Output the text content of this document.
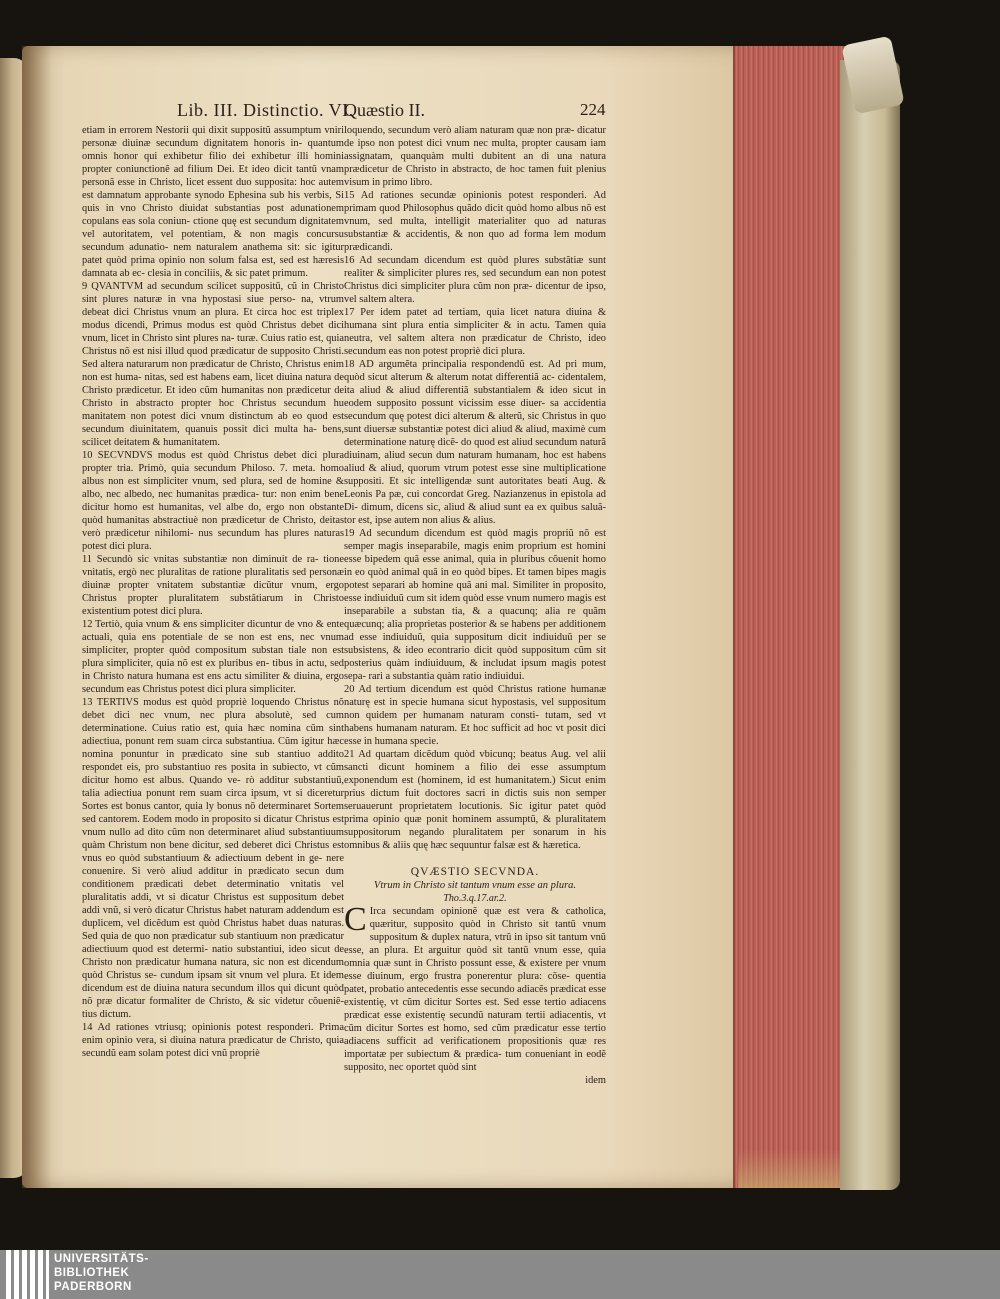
Lib. III. Distinctio. VI.
Quæstio II.	224

etiam in errorem Nestorii qui dixit suppositũ assumptum vniri personæ diuinæ secundum dignitatem honoris in- quantum omnis honor qui exhibetur filio dei exhibetur illi homini propter coniunctionẽ ad filium Dei. Et ideo dicit tantũ vnam personã esse in Christo, licet essent duo supposita: hoc autem est damnatum approbante synodo Ephesina sub his verbis, Si quis in vno Christo diuidat substantias post adunationem copulans eas sola coniun- ctione quę est secundum dignitatem vel autoritatem, vel potentiam, & non magis concursu secundum adunatio- nem naturalem anathema sit: sic igitur patet quòd prima opinio non solum falsa est, sed est hæresis damnata ab ec- clesia in conciliis, & sic patet primum.

9 QVANTVM ad secundum scilicet suppositũ, cũ in Christo sint plures naturæ in vna hypostasi siue perso- na, vtrum debeat dici Christus vnum an plura. Et circa hoc est triplex modus dicendi, Primus modus est quòd Christus debet dici vnum, licet in Christo sint plures na- turæ. Cuius ratio est, quia Christus nõ est nisi illud quod prædicatur de supposito Christi. Sed altera naturarum non prædicatur de Christo, Christus enim non est huma- nitas, sed est habens eam, licet diuina natura de Christo prædicetur. Et ideo cũm humanitas non prædicetur de Christo in abstracto propter hoc Christus secundum hu manitatem non potest dici vnum distinctum ab eo quod est secundum diuinitatem, quanuis possit dici multa ha- bens, scilicet deitatem & humanitatem.

10 SECVNDVS modus est quòd Christus debet dici plura propter tria. Primò, quia secundum Philoso. 7. meta. homo albus non est simpliciter vnum, sed plura, sed de homine & albo, nec albedo, nec humanitas prædica- tur: non enim bene dicitur homo est humanitas, vel albe do, ergo non obstante quòd humanitas abstractiuè non prædicetur de Christo, deitas verò prædicetur nihilomi- nus secundum has plures naturas potest dici plura.

11 Secundò sic vnitas substantiæ non diminuit de ra- tione vnitatis, ergò nec pluralitas de ratione pluralitatis sed personæ diuinæ propter vnitatem substantiæ dicũtur vnum, ergo Christus propter pluralitatem substãtiarum in Christo existentium potest dici plura.

12 Tertiò, quia vnum & ens simpliciter dicuntur de vno & ente actuali, quia ens potentiale de se non est ens, nec vnum simpliciter, propter quòd compositum substan tiale non est plura simpliciter, quia nõ est ex pluribus en- tibus in actu, sed in Christo natura humana est ens actu similiter & diuina, ergo secundum eas Christus potest dici plura simpliciter.

13 TERTIVS modus est quòd propriè loquendo Christus nõ debet dici nec vnum, nec plura absolutè, sed cum determinatione. Cuius ratio est, quia hæc nomina cũm sint adiectiua, ponunt rem suam circa substantiua. Cũm igitur hæc nomina ponuntur in prædicato sine sub stantiuo addito respondet eis, pro substantiuo res posita in subiecto, vt cũm dicitur homo est albus. Quando ve- rò additur substantiuũ, talia adiectiua ponunt rem suam circa ipsum, vt si diceretur Sortes est bonus cantor, quia ly bonus nõ determinaret Sortem sed cantorem. Eodem modo in proposito si dicatur Christus est vnum nullo ad dito cũm non determinaret aliud substantiuum quàm Christum non bene dicitur, sed deberet dici Christus est vnus eo quòd substantiuum & adiectiuum debent in ge- nere conuenire. Si verò aliud additur in prædicato secun dum conditionem prædicati debet determinatio vnitatis vel pluralitatis addi, vt si dicatur Christus est suppositum debet addi vnũ, si verò dicatur Christus habet naturam addendum est duplicem, vel dicẽdum est quòd Christus habet duas naturas. Sed quia de quo non prædicatur sub stantiuum non prædicatur adiectiuum quod est determi- natio substantiui, ideo sicut de Christo non prædicatur humana natura, sic non est dicendum quòd Christus se- cundum ipsam sit vnum vel plura. Et idem dicendum est de diuina natura secundum illos qui dicunt quòd nõ præ dicatur formaliter de Christo, & sic videtur cõueniẽ- tius dictum.

14 Ad rationes vtriusq; opinionis potest responderi. Prima enim opinio vera, si diuina natura prædicatur de Christo, quia secundũ eam solam potest dici vnũ propriè

loquendo, secundum verò aliam naturam quæ non præ- dicatur de ipso non potest dici vnum nec multa, propter causam iam assignatam, quanquàm multi dubitent an di una natura prædicetur de Christo in abstracto, de hoc tamen fuit plenius visum in primo libro.

15 Ad rationes secundæ opinionis potest responderi. Ad primam quod Philosophus quãdo dicit quòd homo albus nõ est vnum, sed multa, intelligit materialiter quo ad naturas substantiæ & accidentis, & non quo ad forma lem modum prædicandi.

16 Ad secundam dicendum est quòd plures substãtiæ sunt realiter & simpliciter plures res, sed secundum ean non potest Christus dici simpliciter plura cũm non præ- dicentur de ipso, vel saltem altera.

17 Per idem patet ad tertiam, quia licet natura diuina & humana sint plura entia simpliciter & in actu. Tamen quia neutra, vel saltem altera non prædicatur de Christo, ideo secundum eas non potest propriè dici plura.

18 AD argumẽta principalia respondendũ est. Ad pri mum, quòd sicut alterum & alterum notat differentiã ac- cidentalem, ita aliud & aliud differentiã substantialem & ideo sicut in eodem supposito possunt vicissim esse diuer- sa accidentia secundum quę potest dici alterum & alterũ, sic Christus in quo sunt diuersæ substantiæ potest dici aliud & aliud, maximè cum determinatione naturę dicẽ- do quod est aliud secundum naturã diuinam, aliud secun dum naturam humanam, hoc est habens aliud & aliud, quorum vtrum potest esse sine multiplicatione suppositi. Et sic intelligendæ sunt autoritates beati Aug. & Leonis Pa pæ, cui concordat Greg. Nazianzenus in epistola ad Di- dimum, dicens sic, aliud & aliud sunt ea ex quibus saluã- tor est, ipse autem non alius & alius.

19 Ad secundum dicendum est quòd magis propriũ nõ est semper magis inseparabile, magis enim proprium est homini esse bipedem quã esse animal, quia in pluribus cõuenit homo in eo quòd animal quã in eo quòd bipes. Et tamen bipes magis potest separari ab homine quã ani mal. Similiter in proposito, esse indiuiduũ cum sit idem quòd esse vnum numero magis est inseparabile a substan tia, & a quacunq; alia re quãm quæcunq; alia proprietas posterior & se habens per additionem ad esse indiuiduũ, quia suppositum dicit indiuiduũ per se subsistens, & ideo econtrario dicit quòd suppositum cũm sit posterius quàm indiuiduum, & includat ipsum magis potest sepa- rari a substantia quàm ratio indiuidui.

20 Ad tertium dicendum est quòd Christus ratione humanæ naturę est in specie humana sicut hypostasis, vel suppositum non quidem per humanam naturam consti- tutam, sed vt habens humanam naturam. Et hoc sufficit ad hoc vt posit dici esse in humana specie.

21 Ad quartam dicẽdum quòd vbicunq; beatus Aug. vel alii sancti dicunt hominem a filio dei esse assumptum exponendum est (hominem, id est humanitatem.) Sicut enim prius dictum fuit doctores sacri in dictis suis non semper seruauerunt proprietatem locutionis. Sic igitur patet quòd prima opinio quæ ponit hominem assumptũ, & pluralitatem suppositorum negando pluralitatem per sonarum in his omnibus & aliis quę hæc sequuntur falsæ est & hæretica.

QVÆSTIO SECVNDA.

Vtrum in Christo sit tantum vnum esse an plura.

Tho.3.q.17.ar.2.

C Irca secundam opinionẽ quæ est vera & catholica, quæritur, supposito quòd in Christo sit tantũ vnum suppositum & duplex natura, vtrũ in ipso sit tantum vnũ esse, an plura. Et arguitur quòd sit tantũ vnum esse, quia omnia quæ sunt in Christo possunt esse, & existere per vnum esse diuinum, ergo frustra ponerentur plura: cõse- quentia patet, probatio antecedentis esse secundo adiacẽs prædicat esse existentię, vt cũm dicitur Sortes est. Sed esse tertio adiacens prædicat esse existentię secundũ naturam tertii adiacentis, vt cũm dicitur Sortes est homo, sed cũm prædicatur esse tertio adiacens sufficit ad verificationem propositionis quæ res importatæ per subiectum & prædica- tum conueniant in eodẽ supposito, nec oportet quòd sint

idem

UNIVERSITÄTS-
BIBLIOTHEK
PADERBORN
